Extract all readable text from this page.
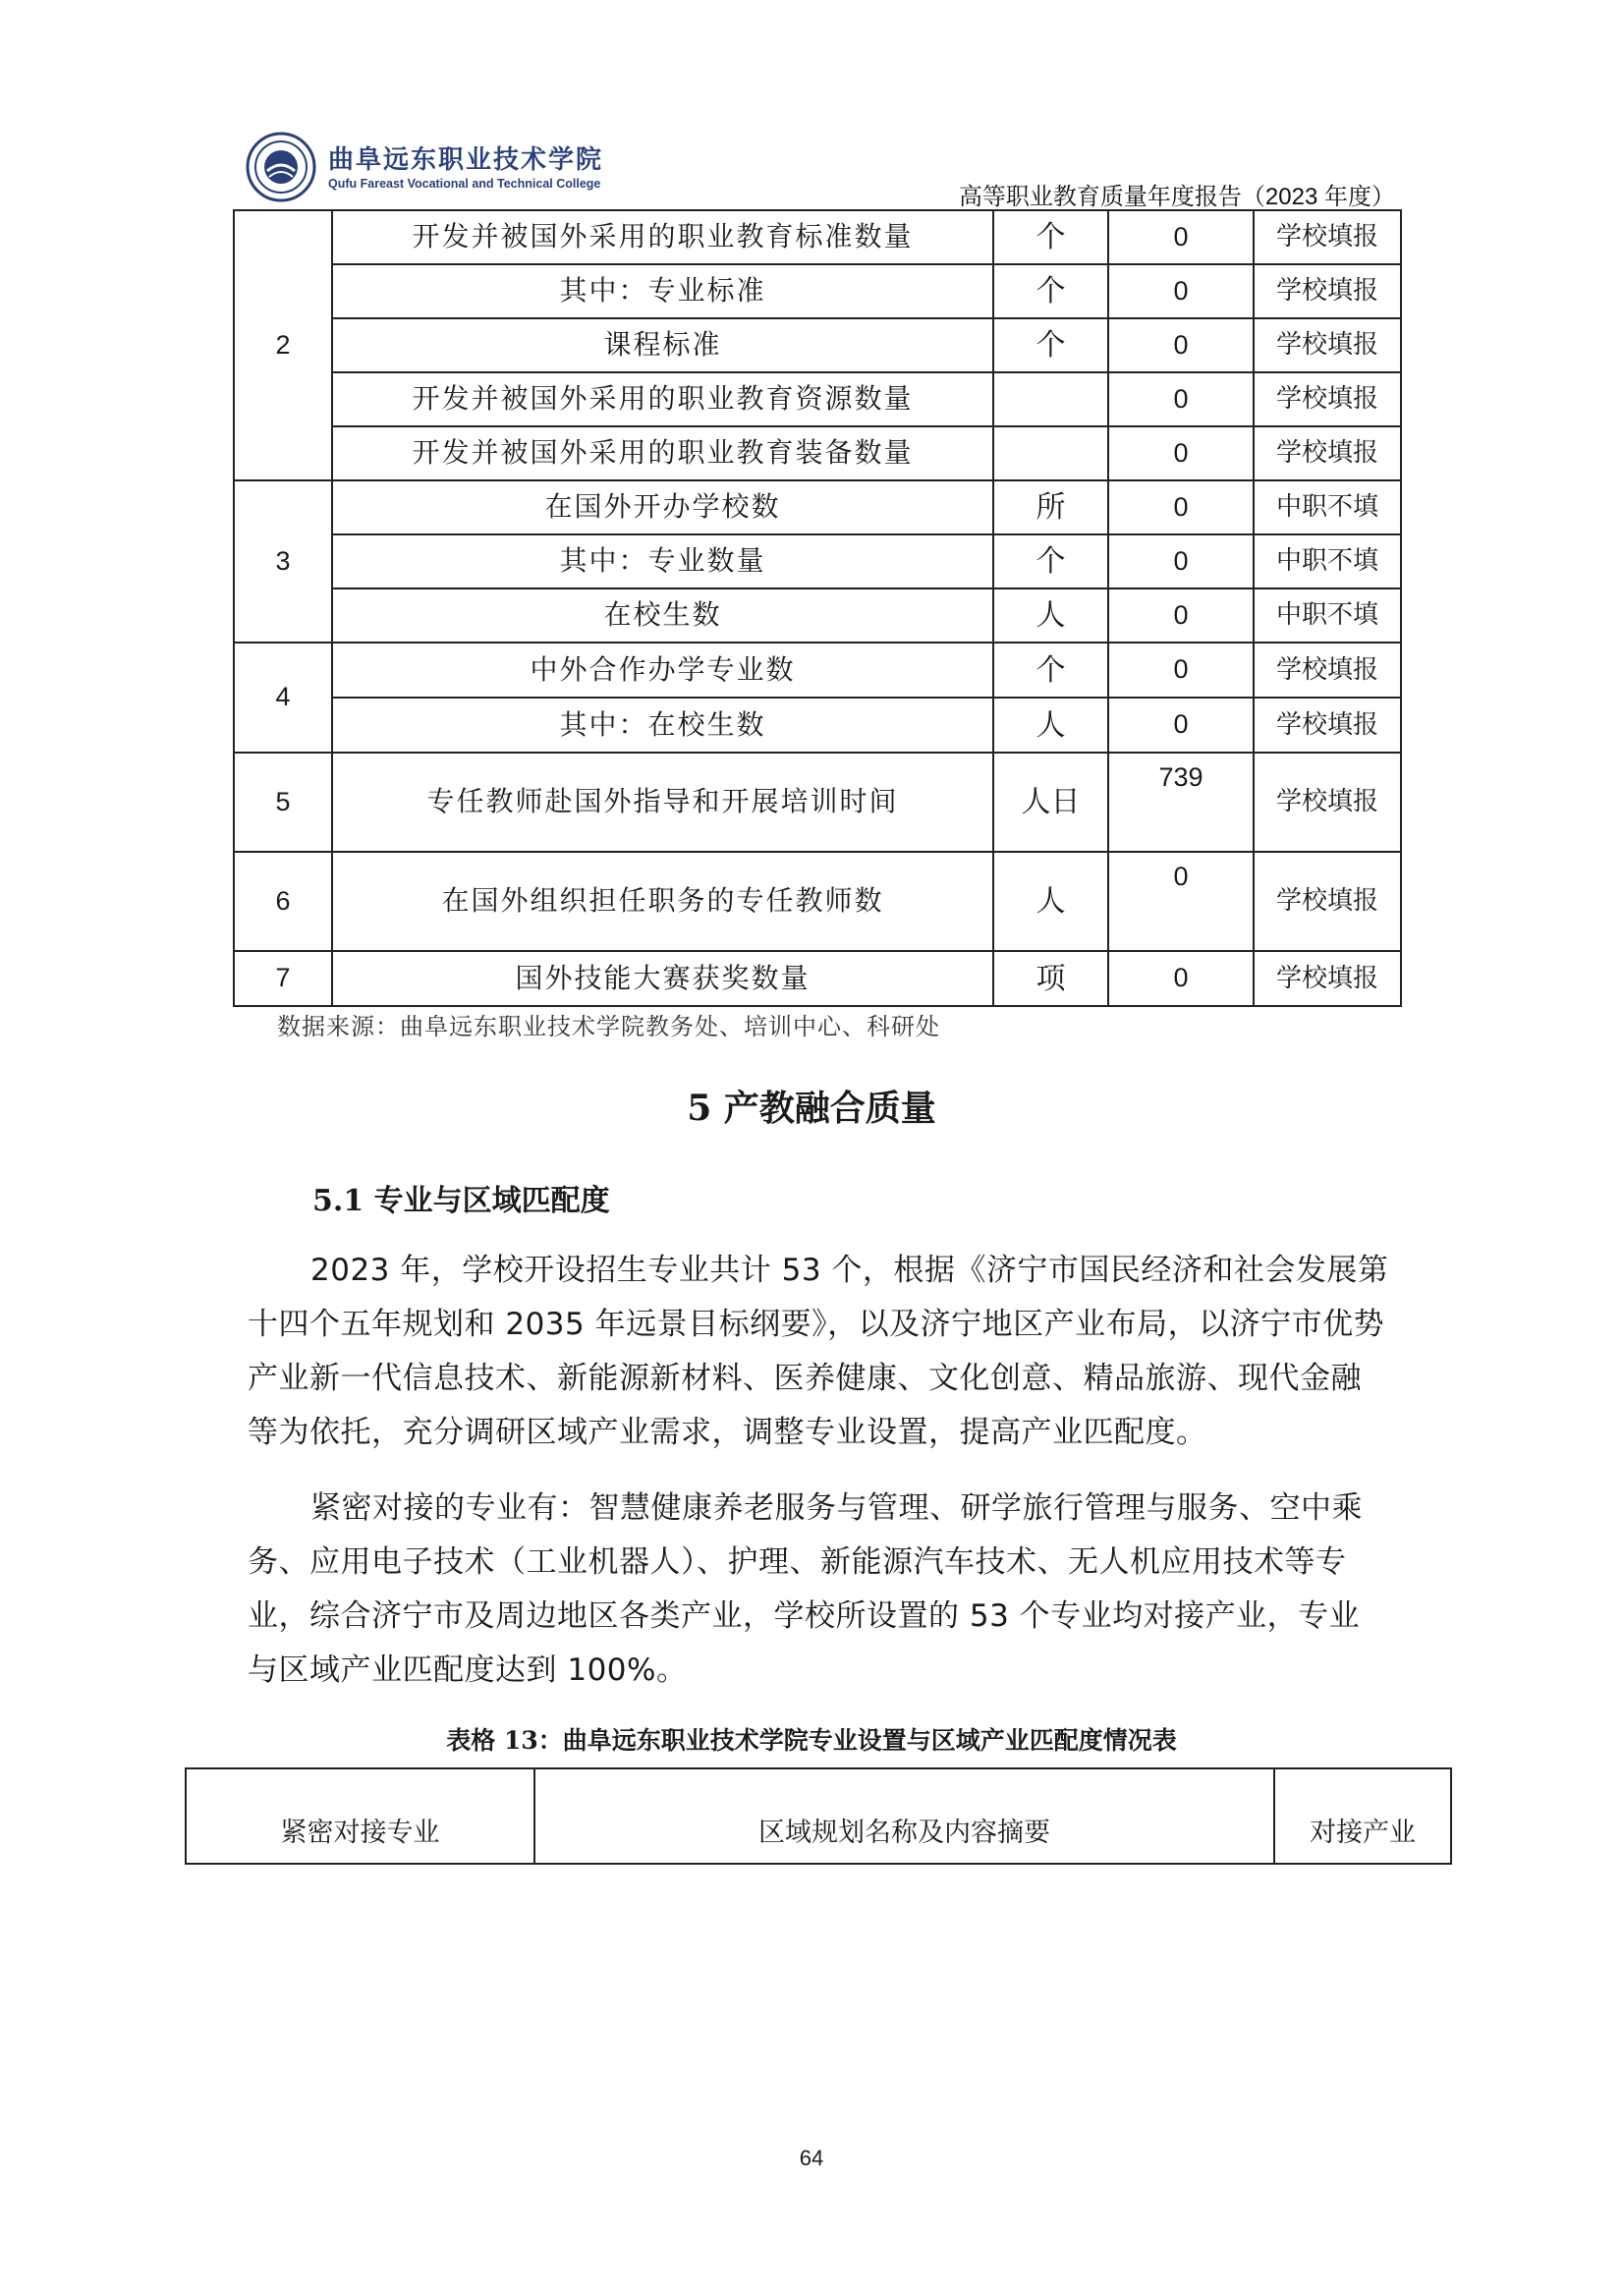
曲阜远东职业技术学院
Qufu Fareast Vocational and Technical College	高等职业教育质量年度报告（2023 年度）
2	开发并被国外采用的职业教育标准数量	个	0	学校填报
	其中：专业标准	个	0	学校填报
	课程标准	个	0	学校填报
	开发并被国外采用的职业教育资源数量		0	学校填报
	开发并被国外采用的职业教育装备数量		0	学校填报
3	在国外开办学校数	所	0	中职不填
	其中：专业数量	个	0	中职不填
	在校生数	人	0	中职不填
4	中外合作办学专业数	个	0	学校填报
	其中：在校生数	人	0	学校填报
5	专任教师赴国外指导和开展培训时间	人日	739	学校填报
6	在国外组织担任职务的专任教师数	人	0	学校填报
7	国外技能大赛获奖数量	项	0	学校填报
数据来源：曲阜远东职业技术学院教务处、培训中心、科研处
5 产教融合质量
5.1 专业与区域匹配度

2023 年，学校开设招生专业共计 53 个，根据《济宁市国民经济和社会发展第十四个五年规划和 2035 年远景目标纲要》，以及济宁地区产业布局，以济宁市优势产业新一代信息技术、新能源新材料、医养健康、文化创意、精品旅游、现代金融等为依托，充分调研区域产业需求，调整专业设置，提高产业匹配度。

紧密对接的专业有：智慧健康养老服务与管理、研学旅行管理与服务、空中乘务、应用电子技术（工业机器人）、护理、新能源汽车技术、无人机应用技术等专业，综合济宁市及周边地区各类产业，学校所设置的 53 个专业均对接产业，专业与区域产业匹配度达到 100%。

表格 13：曲阜远东职业技术学院专业设置与区域产业匹配度情况表
紧密对接专业	区域规划名称及内容摘要	对接产业
64
